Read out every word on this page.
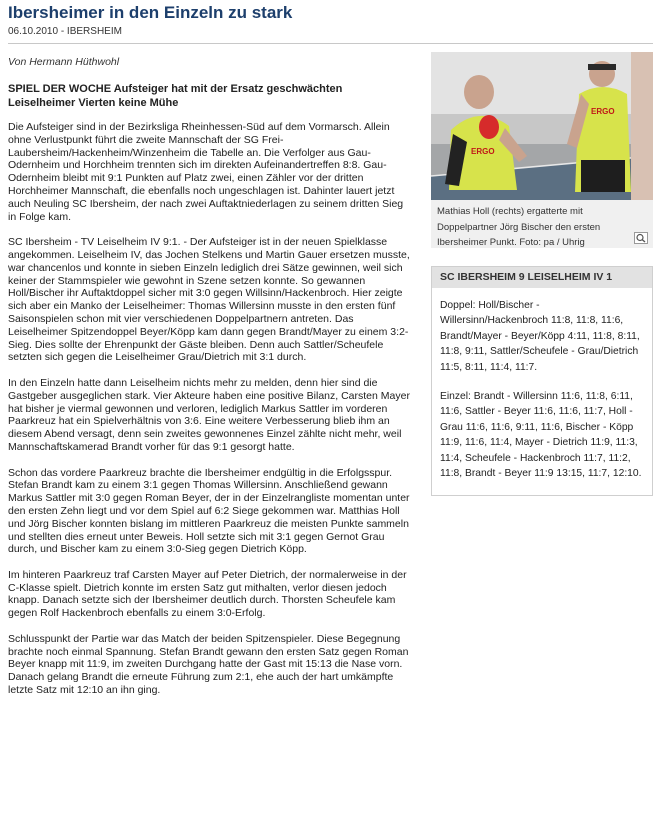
Ibersheimer in den Einzeln zu stark
06.10.2010 - IBERSHEIM
Von Hermann Hüthwohl

SPIEL DER WOCHE Aufsteiger hat mit der Ersatz geschwächten Leiselheimer Vierten keine Mühe

Die Aufsteiger sind in der Bezirksliga Rheinhessen-Süd auf dem Vormarsch. Allein ohne Verlustpunkt führt die zweite Mannschaft der SG Frei-Laubersheim/Hackenheim/Winzenheim die Tabelle an. Die Verfolger aus Gau-Odernheim und Horchheim trennten sich im direkten Aufeinandertreffen 8:8. Gau-Odernheim bleibt mit 9:1 Punkten auf Platz zwei, einen Zähler vor der dritten Horchheimer Mannschaft, die ebenfalls noch ungeschlagen ist. Dahinter lauert jetzt auch Neuling SC Ibersheim, der nach zwei Auftaktniederlagen zu seinem dritten Sieg in Folge kam.

SC Ibersheim - TV Leiselheim IV 9:1. - Der Aufsteiger ist in der neuen Spielklasse angekommen. Leiselheim IV, das Jochen Stelkens und Martin Gauer ersetzen musste, war chancenlos und konnte in sieben Einzeln lediglich drei Sätze gewinnen, weil sich keiner der Stammspieler wie gewohnt in Szene setzen konnte. So gewannen Holl/Bischer ihr Auftaktdoppel sicher mit 3:0 gegen Willsinn/Hackenbroch. Hier zeigte sich aber ein Manko der Leiselheimer: Thomas Willersinn musste in den ersten fünf Saisonspielen schon mit vier verschiedenen Doppelpartnern antreten. Das Leiselheimer Spitzendoppel Beyer/Köpp kam dann gegen Brandt/Mayer zu einem 3:2-Sieg. Dies sollte der Ehrenpunkt der Gäste bleiben. Denn auch Sattler/Scheufele setzten sich gegen die Leiselheimer Grau/Dietrich mit 3:1 durch.

In den Einzeln hatte dann Leiselheim nichts mehr zu melden, denn hier sind die Gastgeber ausgeglichen stark. Vier Akteure haben eine positive Bilanz, Carsten Mayer hat bisher je viermal gewonnen und verloren, lediglich Markus Sattler im vorderen Paarkreuz hat ein Spielverhältnis von 3:6. Eine weitere Verbesserung blieb ihm an diesem Abend versagt, denn sein zweites gewonnenes Einzel zählte nicht mehr, weil Mannschaftskamerad Brandt vorher für das 9:1 gesorgt hatte.

Schon das vordere Paarkreuz brachte die Ibersheimer endgültig in die Erfolgsspur. Stefan Brandt kam zu einem 3:1 gegen Thomas Willersinn. Anschließend gewann Markus Sattler mit 3:0 gegen Roman Beyer, der in der Einzelrangliste momentan unter den ersten Zehn liegt und vor dem Spiel auf 6:2 Siege gekommen war. Matthias Holl und Jörg Bischer konnten bislang im mittleren Paarkreuz die meisten Punkte sammeln und stellten dies erneut unter Beweis. Holl setzte sich mit 3:1 gegen Gernot Grau durch, und Bischer kam zu einem 3:0-Sieg gegen Dietrich Köpp.

Im hinteren Paarkreuz traf Carsten Mayer auf Peter Dietrich, der normalerweise in der C-Klasse spielt. Dietrich konnte im ersten Satz gut mithalten, verlor diesen jedoch knapp. Danach setzte sich der Ibersheimer deutlich durch. Thorsten Scheufele kam gegen Rolf Hackenbroch ebenfalls zu einem 3:0-Erfolg.

Schlusspunkt der Partie war das Match der beiden Spitzenspieler. Diese Begegnung brachte noch einmal Spannung. Stefan Brandt gewann den ersten Satz gegen Roman Beyer knapp mit 11:9, im zweiten Durchgang hatte der Gast mit 15:13 die Nase vorn. Danach gelang Brandt die erneute Führung zum 2:1, ehe auch der hart umkämpfte letzte Satz mit 12:10 an ihn ging.

ERGO
ERGO
Mathias Holl (rechts) ergatterte mit Doppelpartner Jörg Bischer den ersten Ibersheimer Punkt. Foto: pa / Uhrig
SC IBERSHEIM 9 LEISELHEIM IV 1

Doppel: Holl/Bischer - Willersinn/Hackenbroch 11:8, 11:8, 11:6, Brandt/Mayer - Beyer/Köpp 4:11, 11:8, 8:11, 11:8, 9:11, Sattler/Scheufele - Grau/Dietrich 11:5, 8:11, 11:4, 11:7.

Einzel: Brandt - Willersinn 11:6, 11:8, 6:11, 11:6, Sattler - Beyer 11:6, 11:6, 11:7, Holl - Grau 11:6, 11:6, 9:11, 11:6, Bischer - Köpp 11:9, 11:6, 11:4, Mayer - Dietrich 11:9, 11:3, 11:4, Scheufele - Hackenbroch 11:7, 11:2, 11:8, Brandt - Beyer 11:9 13:15, 11:7, 12:10.
